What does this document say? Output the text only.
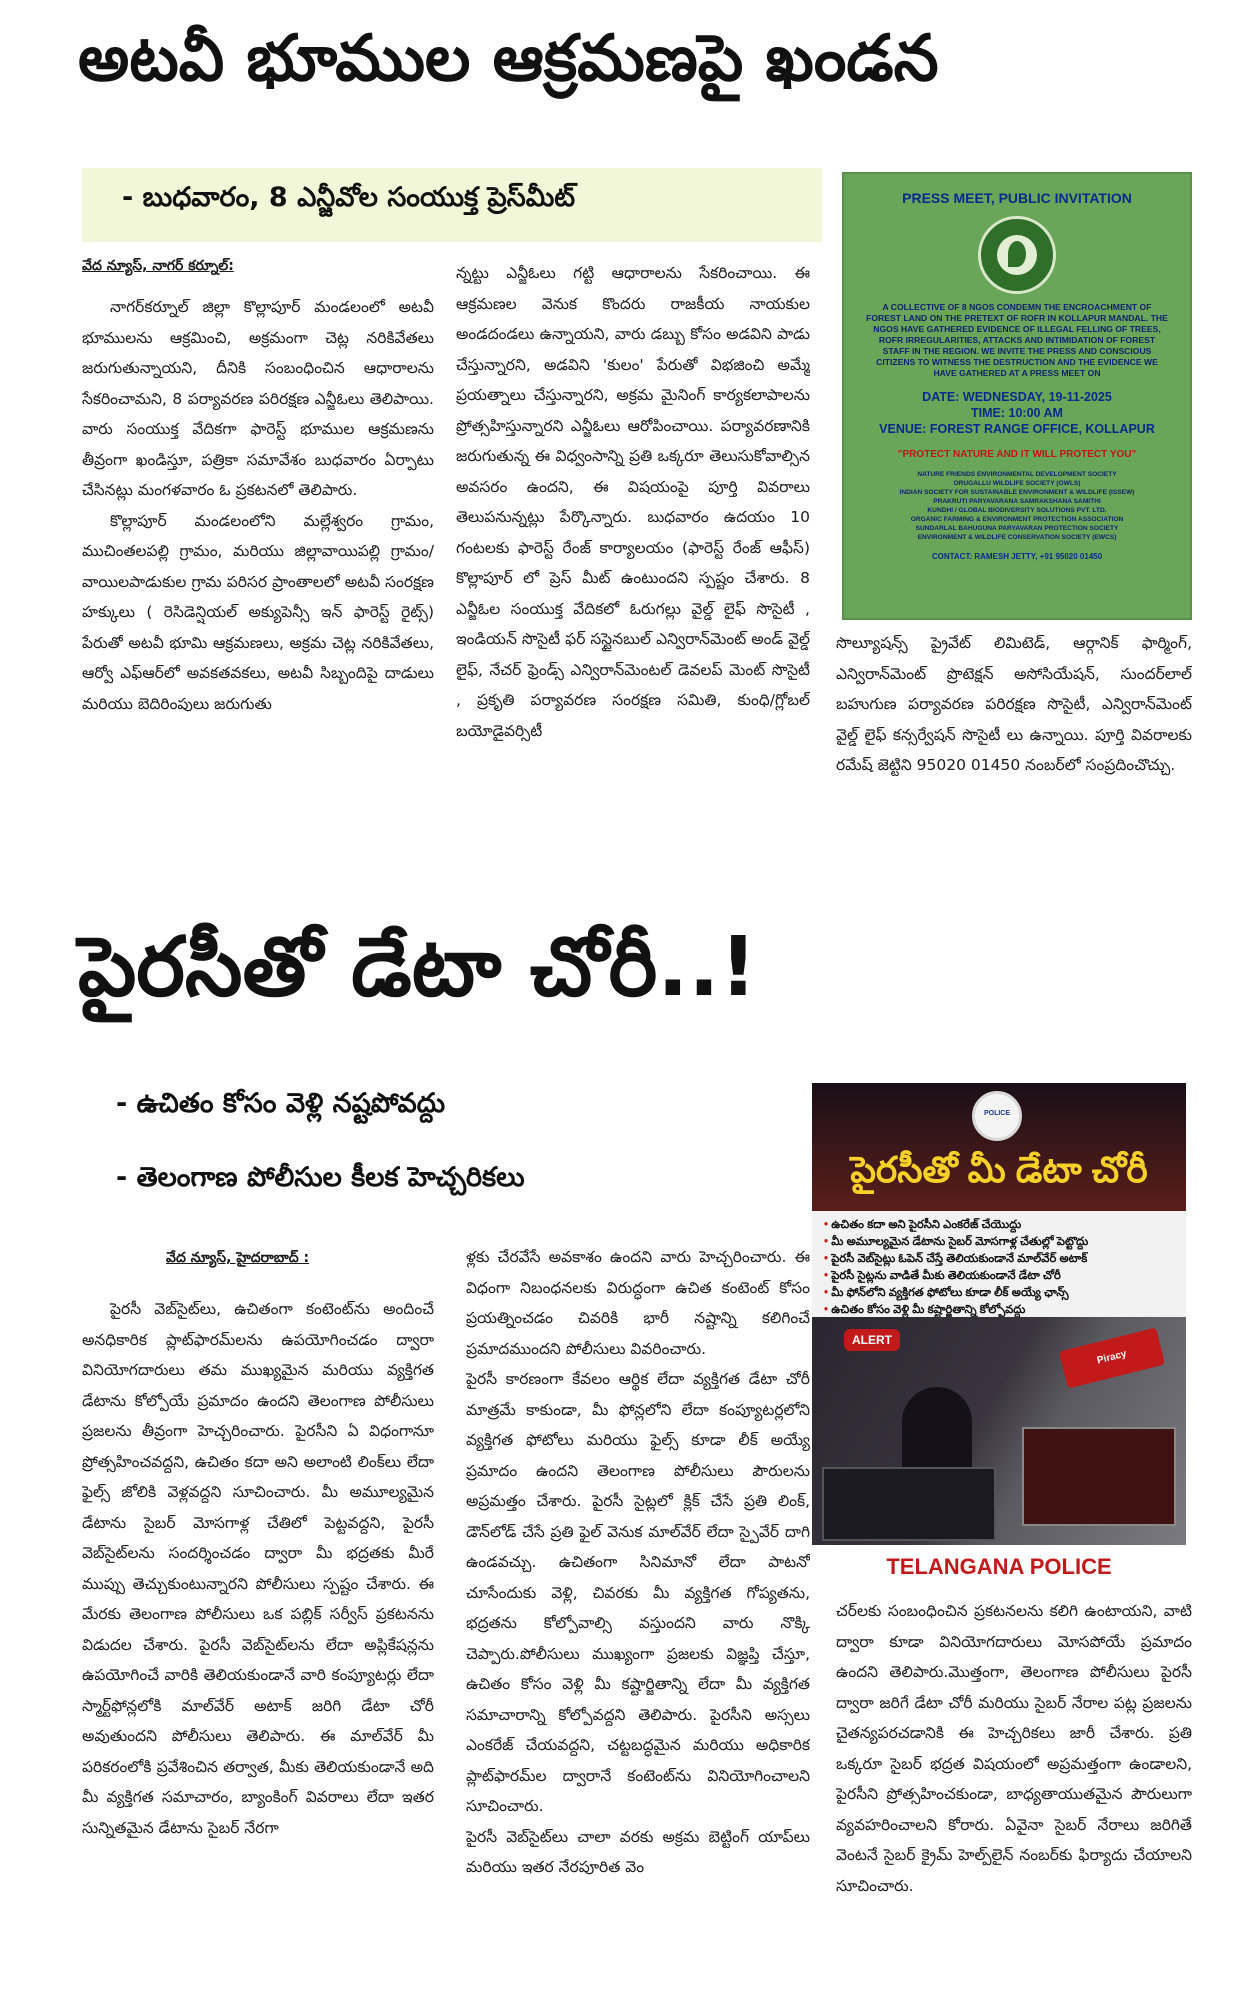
అటవీ భూముల ఆక్రమణపై ఖండన
- బుధవారం, 8 ఎన్జీవోల సంయుక్త ప్రెస్‌మీట్
వేద న్యూస్, నాగర్ కర్నూల్:

నాగర్‌కర్నూల్ జిల్లా కొల్లాపూర్ మండలంలో అటవీ భూములను ఆక్రమించి, అక్రమంగా చెట్ల నరికివేతలు జరుగుతున్నాయని, దీనికి సంబంధించిన ఆధారాలను సేకరించామని, 8 పర్యావరణ పరిరక్షణ ఎన్జీఓలు తెలిపాయి. వారు సంయుక్త వేదికగా ఫారెస్ట్ భూముల ఆక్రమణను తీవ్రంగా ఖండిస్తూ, పత్రికా సమావేశం బుధవారం ఏర్పాటు చేసినట్లు మంగళవారం ఓ ప్రకటనలో తెలిపారు.

కొల్లాపూర్ మండలంలోని మల్లేశ్వరం గ్రామం, ముచింతలపల్లి గ్రామం, మరియు జిల్లావాయిపల్లి గ్రామం/వాయిలపాడుకుల గ్రామ పరిసర ప్రాంతాలలో అటవీ సంరక్షణ హక్కులు ( రెసిడెన్షియల్ అక్యుపెన్సీ ఇన్ ఫారెస్ట్ రైట్స్) పేరుతో అటవీ భూమి ఆక్రమణలు, అక్రమ చెట్ల నరికివేతలు, ఆర్వో ఎఫ్ఆర్‌లో అవకతవకలు, అటవీ సిబ్బందిపై దాడులు మరియు బెదిరింపులు జరుగుతు

న్నట్టు ఎన్జీఓలు గట్టి ఆధారాలను సేకరించాయి. ఈ ఆక్రమణల వెనుక కొందరు రాజకీయ నాయకుల అండదండలు ఉన్నాయని, వారు డబ్బు కోసం అడవిని పాడు చేస్తున్నారని, అడవిని 'కులం' పేరుతో విభజించి అమ్మే ప్రయత్నాలు చేస్తున్నారని, అక్రమ మైనింగ్ కార్యకలాపాలను ప్రోత్సహిస్తున్నారని ఎన్జీఓలు ఆరోపించాయి. పర్యావరణానికి జరుగుతున్న ఈ విధ్వంసాన్ని ప్రతి ఒక్కరూ తెలుసుకోవాల్సిన అవసరం ఉందని, ఈ విషయంపై పూర్తి వివరాలు తెలుపనున్నట్లు పేర్కొన్నారు. బుధవారం ఉదయం 10 గంటలకు ఫారెస్ట్ రేంజ్ కార్యాలయం (ఫారెస్ట్ రేంజ్ ఆఫీస్) కొల్లాపూర్ లో ప్రెస్ మీట్ ఉంటుందని స్పష్టం చేశారు. 8 ఎన్జీఓల సంయుక్త వేదికలో ఓరుగల్లు వైల్డ్ లైఫ్ సొసైటీ , ఇండియన్ సొసైటీ ఫర్ సస్టైనబుల్ ఎన్విరాన్‌మెంట్ అండ్ వైల్డ్ లైఫ్, నేచర్ ఫ్రెండ్స్ ఎన్విరాన్‌మెంటల్ డెవలప్ మెంట్ సొసైటీ , ప్రకృతి పర్యావరణ సంరక్షణ సమితి, కుంధి/గ్లోబల్ బయోడైవర్సిటీ

PRESS MEET, PUBLIC INVITATION
A COLLECTIVE OF 8 NGOS CONDEMN THE ENCROACHMENT OF FOREST LAND ON THE PRETEXT OF ROFR IN KOLLAPUR MANDAL. THE NGOS HAVE GATHERED EVIDENCE OF ILLEGAL FELLING OF TREES, ROFR IRREGULARITIES, ATTACKS AND INTIMIDATION OF FOREST STAFF IN THE REGION. WE INVITE THE PRESS AND CONSCIOUS CITIZENS TO WITNESS THE DESTRUCTION AND THE EVIDENCE WE HAVE GATHERED AT A PRESS MEET ON
DATE: WEDNESDAY, 19-11-2025
TIME: 10:00 AM
VENUE: FOREST RANGE OFFICE, KOLLAPUR
"PROTECT NATURE AND IT WILL PROTECT YOU"
NATURE FRIENDS ENVIRONMENTAL DEVELOPMENT SOCIETY
ORUGALLU WILDLIFE SOCIETY (OWLS)
INDIAN SOCIETY FOR SUSTAINABLE ENVIRONMENT & WILDLIFE (ISSEW)
PRAKRUTI PARYAVARANA SAMRAKSHANA SAMITHI
KUNDHI / GLOBAL BIODIVERSITY SOLUTIONS PVT. LTD.
ORGANIC FARMING & ENVIRONMENT PROTECTION ASSOCIATION
SUNDARLAL BAHUGUNA PARYAVARAN PROTECTION SOCIETY
ENVIRONMENT & WILDLIFE CONSERVATION SOCIETY (EWCS)
CONTACT: RAMESH JETTY, +91 95020 01450

సొల్యూషన్స్ ప్రైవేట్ లిమిటెడ్, ఆర్గానిక్ ఫార్మింగ్, ఎన్విరాన్‌మెంట్ ప్రొటెక్షన్ అసోసియేషన్, సుందర్‌లాల్ బహుగుణ పర్యావరణ పరిరక్షణ సొసైటీ, ఎన్విరాన్‌మెంట్ వైల్డ్ లైఫ్ కన్సర్వేషన్ సొసైటీ లు ఉన్నాయి. పూర్తి వివరాలకు రమేష్ జెట్టిని 95020 01450 నంబర్‌లో సంప్రదించొచ్చు.

పైరసీతో డేటా చోరీ..!
- ఉచితం కోసం వెళ్లి నష్టపోవద్దు
- తెలంగాణ పోలీసుల కీలక హెచ్చరికలు
వేద న్యూస్, హైదరాబాద్ :

పైరసీ వెబ్‌సైట్‌లు, ఉచితంగా కంటెంట్‌ను అందించే అనధికారిక ప్లాట్‌ఫారమ్‌లను ఉపయోగించడం ద్వారా వినియోగదారులు తమ ముఖ్యమైన మరియు వ్యక్తిగత డేటాను కోల్పోయే ప్రమాదం ఉందని తెలంగాణ పోలీసులు ప్రజలను తీవ్రంగా హెచ్చరించారు. పైరసీని ఏ విధంగానూ ప్రోత్సహించవద్దని, ఉచితం కదా అని అలాంటి లింక్‌లు లేదా ఫైల్స్ జోలికి వెళ్లవద్దని సూచించారు. మీ అమూల్యమైన డేటాను సైబర్ మోసగాళ్ల చేతిలో పెట్టవద్దని, పైరసీ వెబ్‌సైట్‌లను సందర్శించడం ద్వారా మీ భద్రతకు మీరే ముప్పు తెచ్చుకుంటున్నారని పోలీసులు స్పష్టం చేశారు. ఈ మేరకు తెలంగాణ పోలీసులు ఒక పబ్లిక్ సర్వీస్ ప్రకటనను విడుదల చేశారు. పైరసీ వెబ్‌సైట్‌లను లేదా అప్లికేషన్లను ఉపయోగించే వారికి తెలియకుండానే వారి కంప్యూటర్లు లేదా స్మార్ట్‌ఫోన్లలోకి మాల్‌వేర్ అటాక్ జరిగి డేటా చోరీ అవుతుందని పోలీసులు తెలిపారు. ఈ మాల్‌వేర్ మీ పరికరంలోకి ప్రవేశించిన తర్వాత, మీకు తెలియకుండానే అది మీ వ్యక్తిగత సమాచారం, బ్యాంకింగ్ వివరాలు లేదా ఇతర సున్నితమైన డేటాను సైబర్ నేరగా

ళ్లకు చేరవేసే అవకాశం ఉందని వారు హెచ్చరించారు. ఈ విధంగా నిబంధనలకు విరుద్ధంగా ఉచిత కంటెంట్ కోసం ప్రయత్నించడం చివరికి భారీ నష్టాన్ని కలిగించే ప్రమాదముందని పోలీసులు వివరించారు.

పైరసీ కారణంగా కేవలం ఆర్థిక లేదా వ్యక్తిగత డేటా చోరీ మాత్రమే కాకుండా, మీ ఫోన్లలోని లేదా కంప్యూటర్లలోని వ్యక్తిగత ఫోటోలు మరియు ఫైల్స్ కూడా లీక్ అయ్యే ప్రమాదం ఉందని తెలంగాణ పోలీసులు పౌరులను అప్రమత్తం చేశారు. పైరసీ సైట్లలో క్లిక్ చేసే ప్రతి లింక్, డౌన్‌లోడ్ చేసే ప్రతి ఫైల్ వెనుక మాల్‌వేర్ లేదా స్పైవేర్ దాగి ఉండవచ్చు. ఉచితంగా సినిమానో లేదా పాటనో చూసేందుకు వెళ్లి, చివరకు మీ వ్యక్తిగత గోప్యతను, భద్రతను కోల్పోవాల్సి వస్తుందని వారు నొక్కి చెప్పారు.పోలీసులు ముఖ్యంగా ప్రజలకు విజ్ఞప్తి చేస్తూ, ఉచితం కోసం వెళ్లి మీ కష్టార్జితాన్ని లేదా మీ వ్యక్తిగత సమాచారాన్ని కోల్పోవద్దని తెలిపారు. పైరసీని అస్సలు ఎంకరేజ్ చేయవద్దని, చట్టబద్ధమైన మరియు అధికారిక ప్లాట్‌ఫారమ్‌ల ద్వారానే కంటెంట్‌ను వినియోగించాలని సూచించారు.

పైరసీ వెబ్‌సైట్‌లు చాలా వరకు అక్రమ బెట్టింగ్ యాప్‌లు మరియు ఇతర నేరపూరిత వెం

POLICE
పైరసీతో మీ డేటా చోరీ
• ఉచితం కదా అని పైరసీని ఎంకరేజ్ చేయొద్దు
• మీ అమూల్యమైన డేటాను సైబర్ మోసగాళ్ల చేతుల్లో పెట్టొద్దు
• పైరసీ వెబ్‌సైట్లు ఓపెన్ చేస్తే తెలియకుండానే మాల్‌వేర్ అటాక్
• పైరసీ సైట్లను వాడితే మీకు తెలియకుండానే డేటా చోరీ
• మీ ఫోన్‌లోని వ్యక్తిగత ఫోటోలు కూడా లీక్ అయ్యే ఛాన్స్
• ఉచితం కోసం వెళ్లి మీ కష్టార్జితాన్ని కోల్పోవద్దు
•
ALERT
Piracy
TELANGANA POLICE

చర్‌లకు సంబంధించిన ప్రకటనలను కలిగి ఉంటాయని, వాటి ద్వారా కూడా వినియోగదారులు మోసపోయే ప్రమాదం ఉందని తెలిపారు.మొత్తంగా, తెలంగాణ పోలీసులు పైరసీ ద్వారా జరిగే డేటా చోరీ మరియు సైబర్ నేరాల పట్ల ప్రజలను చైతన్యపరచడానికి ఈ హెచ్చరికలు జారీ చేశారు. ప్రతి ఒక్కరూ సైబర్ భద్రత విషయంలో అప్రమత్తంగా ఉండాలని, పైరసీని ప్రోత్సహించకుండా, బాధ్యతాయుతమైన పౌరులుగా వ్యవహరించాలని కోరారు. ఏవైనా సైబర్ నేరాలు జరిగితే వెంటనే సైబర్ క్రైమ్ హెల్ప్‌లైన్ నంబర్‌కు ఫిర్యాదు చేయాలని సూచించారు.
